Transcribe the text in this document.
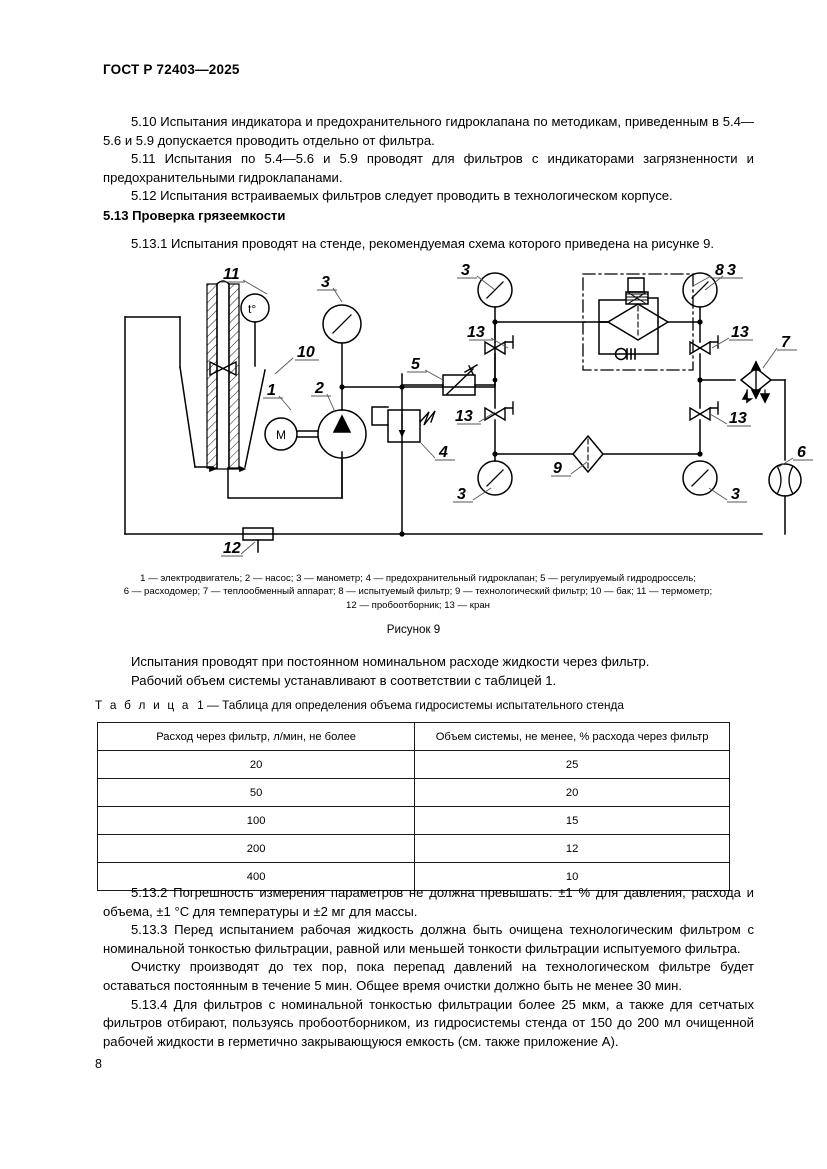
ГОСТ Р 72403—2025

5.10 Испытания индикатора и предохранительного гидроклапана по методикам, приведенным в 5.4—5.6 и 5.9 допускается проводить отдельно от фильтра.

5.11 Испытания по 5.4—5.6 и 5.9 проводят для фильтров с индикаторами загрязненности и предохранительными гидроклапанами.

5.12 Испытания встраиваемых фильтров следует проводить в технологическом корпусе.

5.13 Проверка грязеемкости

5.13.1 Испытания проводят на стенде, рекомендуемая схема которого приведена на рисунке 9.

11
10
1 2
3
4
5
6
7
8
9
12
3	3
3	3
13	13
13	13
M
t°
1 — электродвигатель; 2 — насос; 3 — манометр; 4 — предохранительный гидроклапан; 5 — регулируемый гидродроссель;
6 — расходомер; 7 — теплообменный аппарат; 8 — испытуемый фильтр; 9 — технологический фильтр; 10 — бак; 11 — термометр;
12 — пробоотборник; 13 — кран
Рисунок 9

Испытания проводят при постоянном номинальном расходе жидкости через фильтр.

Рабочий объем системы устанавливают в соответствии с таблицей 1.

Т а б л и ц а 1 — Таблица для определения объема гидросистемы испытательного стенда
Расход через фильтр, л/мин, не более	Объем системы, не менее, % расхода через фильтр
20	25
50	20
100	15
200	12
400	10

5.13.2 Погрешность измерения параметров не должна превышать: ±1 % для давления, расхода и объема, ±1 °C для температуры и ±2 мг для массы.

5.13.3 Перед испытанием рабочая жидкость должна быть очищена технологическим фильтром с номинальной тонкостью фильтрации, равной или меньшей тонкости фильтрации испытуемого фильтра.

Очистку производят до тех пор, пока перепад давлений на технологическом фильтре будет оставаться постоянным в течение 5 мин. Общее время очистки должно быть не менее 30 мин.

5.13.4 Для фильтров с номинальной тонкостью фильтрации более 25 мкм, а также для сетчатых фильтров отбирают, пользуясь пробоотборником, из гидросистемы стенда от 150 до 200 мл очищенной рабочей жидкости в герметично закрывающуюся емкость (см. также приложение А).

8
